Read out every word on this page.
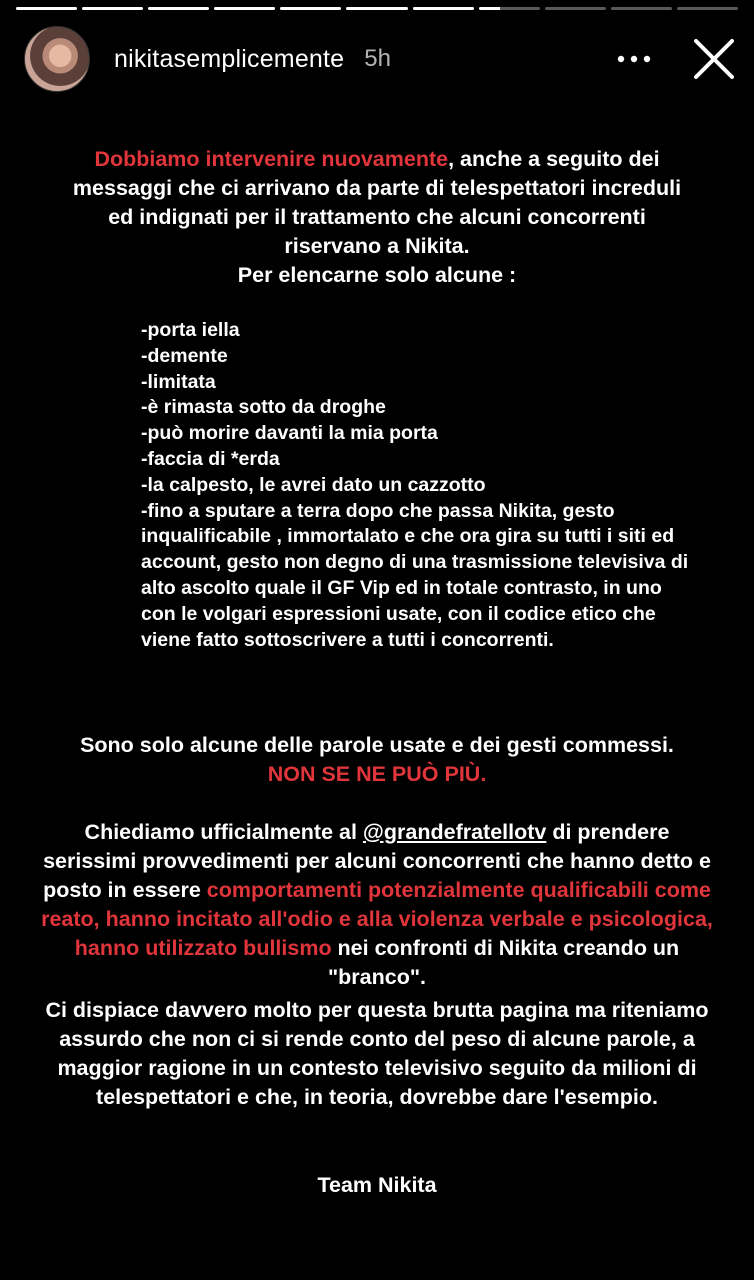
nikitasemplicemente 5h
Dobbiamo intervenire nuovamente, anche a seguito dei messaggi che ci arrivano da parte di telespettatori increduli ed indignati per il trattamento che alcuni concorrenti riservano a Nikita.
Per elencarne solo alcune :
-porta iella
-demente
-limitata
-è rimasta sotto da droghe
-può morire davanti la mia porta
-faccia di *erda
-la calpesto, le avrei dato un cazzotto
-fino a sputare a terra dopo che passa Nikita, gesto inqualificabile , immortalato e che ora gira su tutti i siti ed account, gesto non degno di una trasmissione televisiva di alto ascolto quale il GF Vip ed in totale contrasto, in uno con le volgari espressioni usate, con il codice etico che viene fatto sottoscrivere a tutti i concorrenti.
Sono solo alcune delle parole usate e dei gesti commessi.
NON SE NE PUÒ PIÙ.
Chiediamo ufficialmente al @grandefratellotv di prendere serissimi provvedimenti per alcuni concorrenti che hanno detto e posto in essere comportamenti potenzialmente qualificabili come reato, hanno incitato all'odio e alla violenza verbale e psicologica, hanno utilizzato bullismo nei confronti di Nikita creando un "branco".
Ci dispiace davvero molto per questa brutta pagina ma riteniamo assurdo che non ci si rende conto del peso di alcune parole, a maggior ragione in un contesto televisivo seguito da milioni di telespettatori e che, in teoria, dovrebbe dare l'esempio.
Team Nikita
